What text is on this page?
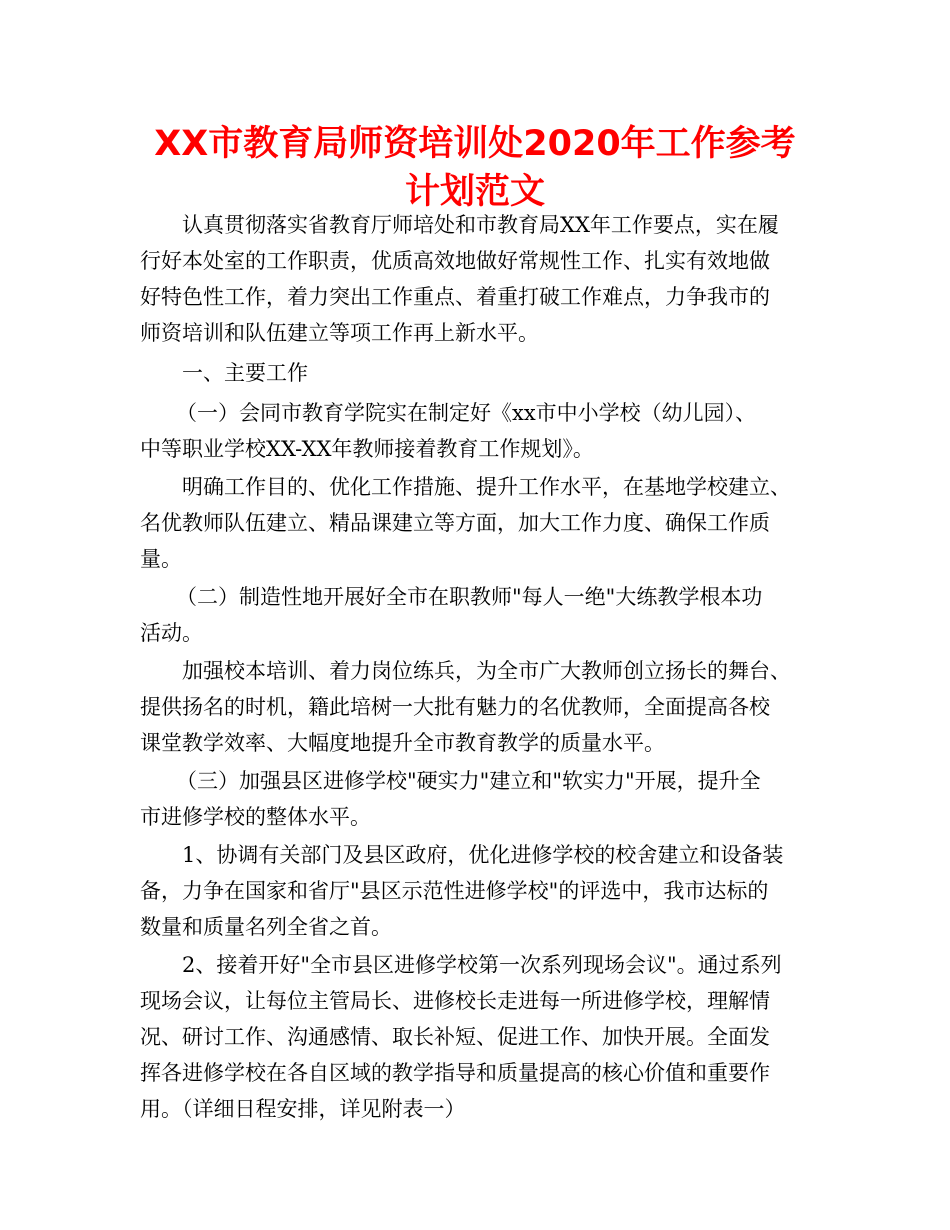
XX市教育局师资培训处2020年工作参考
计划范文
认真贯彻落实省教育厅师培处和市教育局XX年工作要点，实在履
行好本处室的工作职责，优质高效地做好常规性工作、扎实有效地做
好特色性工作，着力突出工作重点、着重打破工作难点，力争我市的
师资培训和队伍建立等项工作再上新水平。
一、主要工作
（一）会同市教育学院实在制定好《xx市中小学校（幼儿园）、
中等职业学校XX-XX年教师接着教育工作规划》。
明确工作目的、优化工作措施、提升工作水平，在基地学校建立、
名优教师队伍建立、精品课建立等方面，加大工作力度、确保工作质
量。
（二）制造性地开展好全市在职教师"每人一绝"大练教学根本功
活动。
加强校本培训、着力岗位练兵，为全市广大教师创立扬长的舞台、
提供扬名的时机，籍此培树一大批有魅力的名优教师，全面提高各校
课堂教学效率、大幅度地提升全市教育教学的质量水平。
（三）加强县区进修学校"硬实力"建立和"软实力"开展，提升全
市进修学校的整体水平。
1、协调有关部门及县区政府，优化进修学校的校舍建立和设备装
备，力争在国家和省厅"县区示范性进修学校"的评选中，我市达标的
数量和质量名列全省之首。
2、接着开好"全市县区进修学校第一次系列现场会议"。通过系列
现场会议，让每位主管局长、进修校长走进每一所进修学校，理解情
况、研讨工作、沟通感情、取长补短、促进工作、加快开展。全面发
挥各进修学校在各自区域的教学指导和质量提高的核心价值和重要作
用。（详细日程安排，详见附表一）
